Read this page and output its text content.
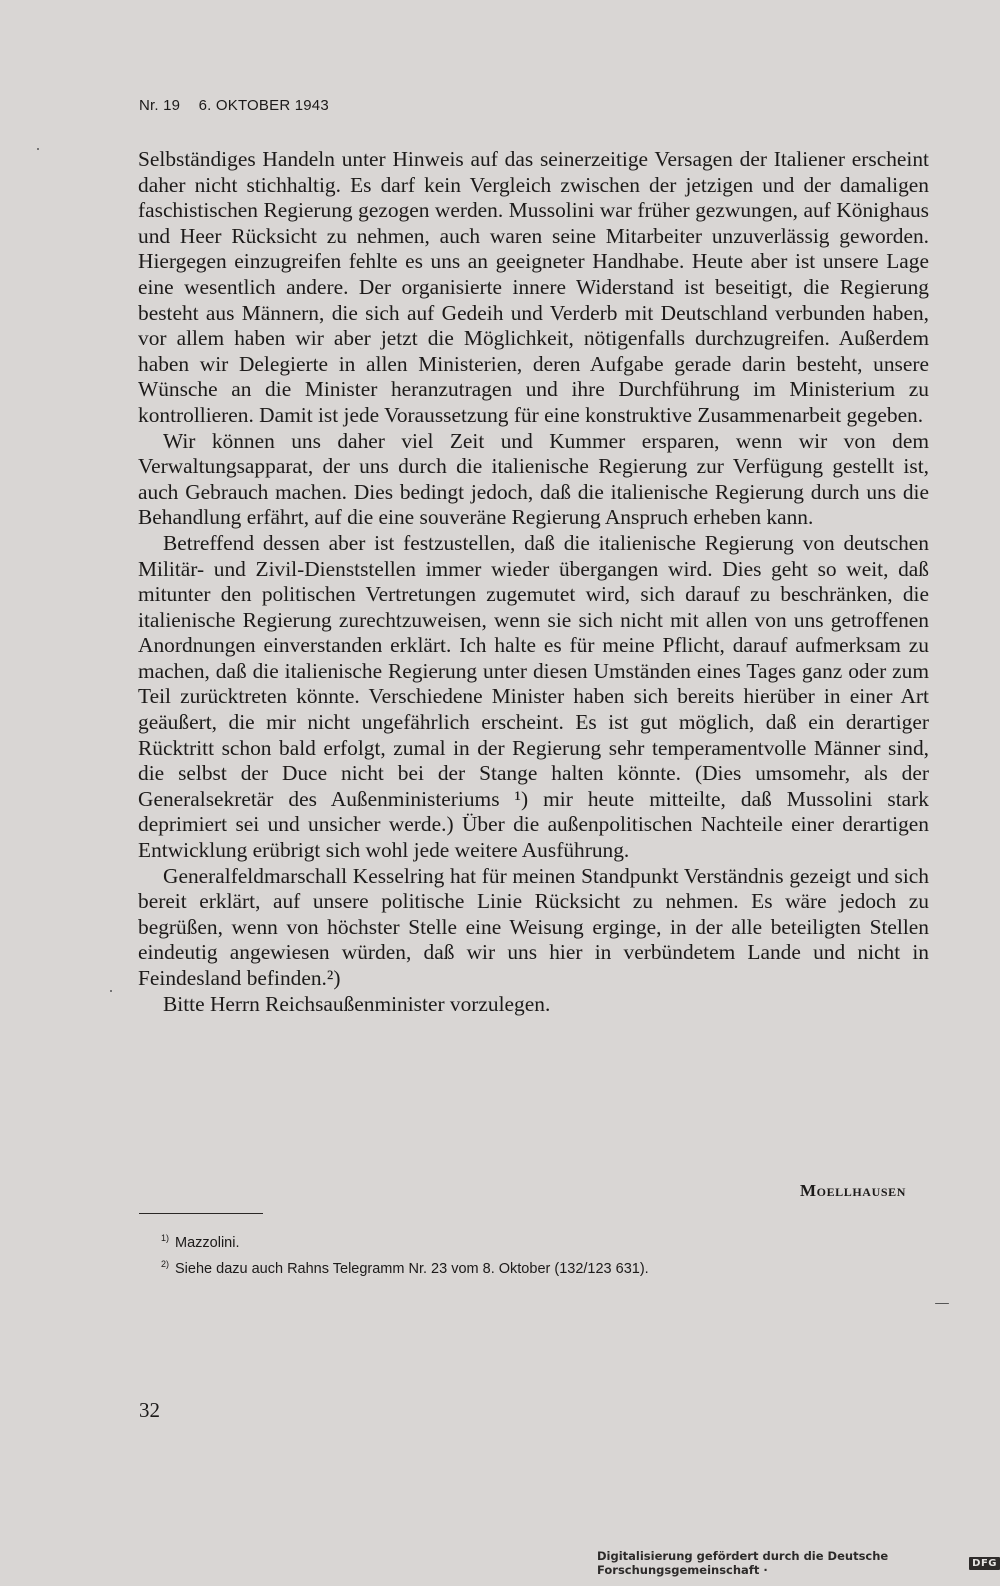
Nr. 19 6. OKTOBER 1943

Selbständiges Handeln unter Hinweis auf das seinerzeitige Versagen der Italiener erscheint daher nicht stichhaltig. Es darf kein Vergleich zwischen der jetzigen und der damaligen faschistischen Regierung gezogen werden. Mussolini war früher gezwungen, auf Könighaus und Heer Rücksicht zu nehmen, auch waren seine Mitarbeiter unzuverlässig geworden. Hiergegen einzugreifen fehlte es uns an geeigneter Handhabe. Heute aber ist unsere Lage eine wesentlich andere. Der organisierte innere Widerstand ist beseitigt, die Regierung besteht aus Männern, die sich auf Gedeih und Verderb mit Deutschland verbunden haben, vor allem haben wir aber jetzt die Möglichkeit, nötigenfalls durchzugreifen. Außerdem haben wir Delegierte in allen Ministerien, deren Aufgabe gerade darin besteht, unsere Wünsche an die Minister heranzutragen und ihre Durchführung im Ministerium zu kontrollieren. Damit ist jede Voraussetzung für eine konstruktive Zusammenarbeit gegeben.

Wir können uns daher viel Zeit und Kummer ersparen, wenn wir von dem Verwaltungsapparat, der uns durch die italienische Regierung zur Verfügung gestellt ist, auch Gebrauch machen. Dies bedingt jedoch, daß die italienische Regierung durch uns die Behandlung erfährt, auf die eine souveräne Regierung Anspruch erheben kann.

Betreffend dessen aber ist festzustellen, daß die italienische Regierung von deutschen Militär- und Zivil-Dienststellen immer wieder übergangen wird. Dies geht so weit, daß mitunter den politischen Vertretungen zugemutet wird, sich darauf zu beschränken, die italienische Regierung zurechtzuweisen, wenn sie sich nicht mit allen von uns getroffenen Anordnungen einverstanden erklärt. Ich halte es für meine Pflicht, darauf aufmerksam zu machen, daß die italienische Regierung unter diesen Umständen eines Tages ganz oder zum Teil zurücktreten könnte. Verschiedene Minister haben sich bereits hierüber in einer Art geäußert, die mir nicht ungefährlich erscheint. Es ist gut möglich, daß ein derartiger Rücktritt schon bald erfolgt, zumal in der Regierung sehr temperamentvolle Männer sind, die selbst der Duce nicht bei der Stange halten könnte. (Dies umsomehr, als der Generalsekretär des Außenministeriums ¹) mir heute mitteilte, daß Mussolini stark deprimiert sei und unsicher werde.) Über die außenpolitischen Nachteile einer derartigen Entwicklung erübrigt sich wohl jede weitere Ausführung.

Generalfeldmarschall Kesselring hat für meinen Standpunkt Verständnis gezeigt und sich bereit erklärt, auf unsere politische Linie Rücksicht zu nehmen. Es wäre jedoch zu begrüßen, wenn von höchster Stelle eine Weisung erginge, in der alle beteiligten Stellen eindeutig angewiesen würden, daß wir uns hier in verbündetem Lande und nicht in Feindesland befinden.²)

Bitte Herrn Reichsaußenminister vorzulegen.

Moellhausen
$^{1)}$ Mazzolini.
$^{2)}$ Siehe dazu auch Rahns Telegramm Nr. 23 vom 8. Oktober (132/123 631).
32
Digitalisierung gefördert durch die Deutsche Forschungsgemeinschaft ·	DFG
